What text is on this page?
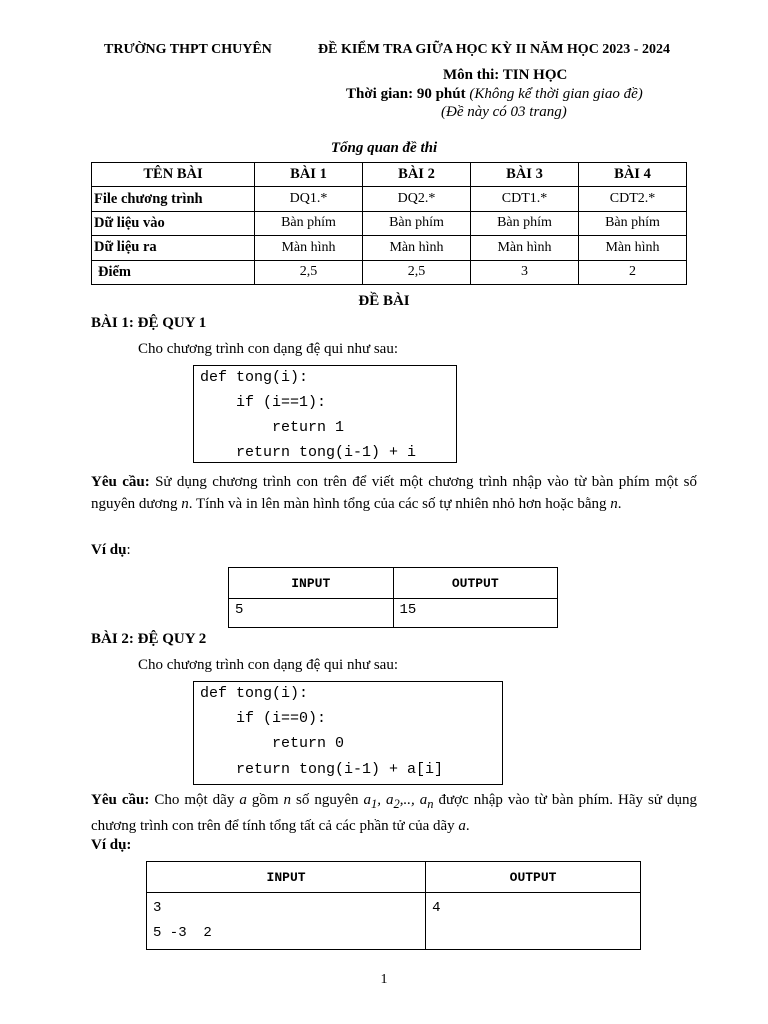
TRƯỜNG THPT CHUYÊN	ĐỀ KIỂM TRA GIỮA HỌC KỲ II NĂM HỌC 2023 - 2024
Môn thi: TIN HỌC
Thời gian: 90 phút (Không kể thời gian giao đề)
(Đề này có 03 trang)
Tổng quan đề thi
TÊN BÀI	BÀI 1	BÀI 2	BÀI 3	BÀI 4
File chương trình	DQ1.*	DQ2.*	CDT1.*	CDT2.*
Dữ liệu vào	Bàn phím	Bàn phím	Bàn phím	Bàn phím
Dữ liệu ra	Màn hình	Màn hình	Màn hình	Màn hình
Điểm	2,5	2,5	3	2
ĐỀ BÀI
BÀI 1: ĐỆ QUY 1
Cho chương trình con dạng đệ qui như sau:
def tong(i):
if (i==1):
return 1
return tong(i-1) + i
Yêu cầu: Sử dụng chương trình con trên để viết một chương trình nhập vào từ bàn phím một số nguyên dương n. Tính và in lên màn hình tổng của các số tự nhiên nhỏ hơn hoặc bằng n.
Ví dụ:
INPUT	OUTPUT

5	15
BÀI 2: ĐỆ QUY 2
Cho chương trình con dạng đệ qui như sau:
def tong(i):
if (i==0):
return 0
return tong(i-1) + a[i]
Yêu cầu: Cho một dãy a gồm n số nguyên $a_1$, $a_2$,.., $a_n$ được nhập vào từ bàn phím. Hãy sử dụng chương trình con trên để tính tổng tất cả các phần tử của dãy a.
Ví dụ:
INPUT	OUTPUT

3
5 -3  2	4
1
